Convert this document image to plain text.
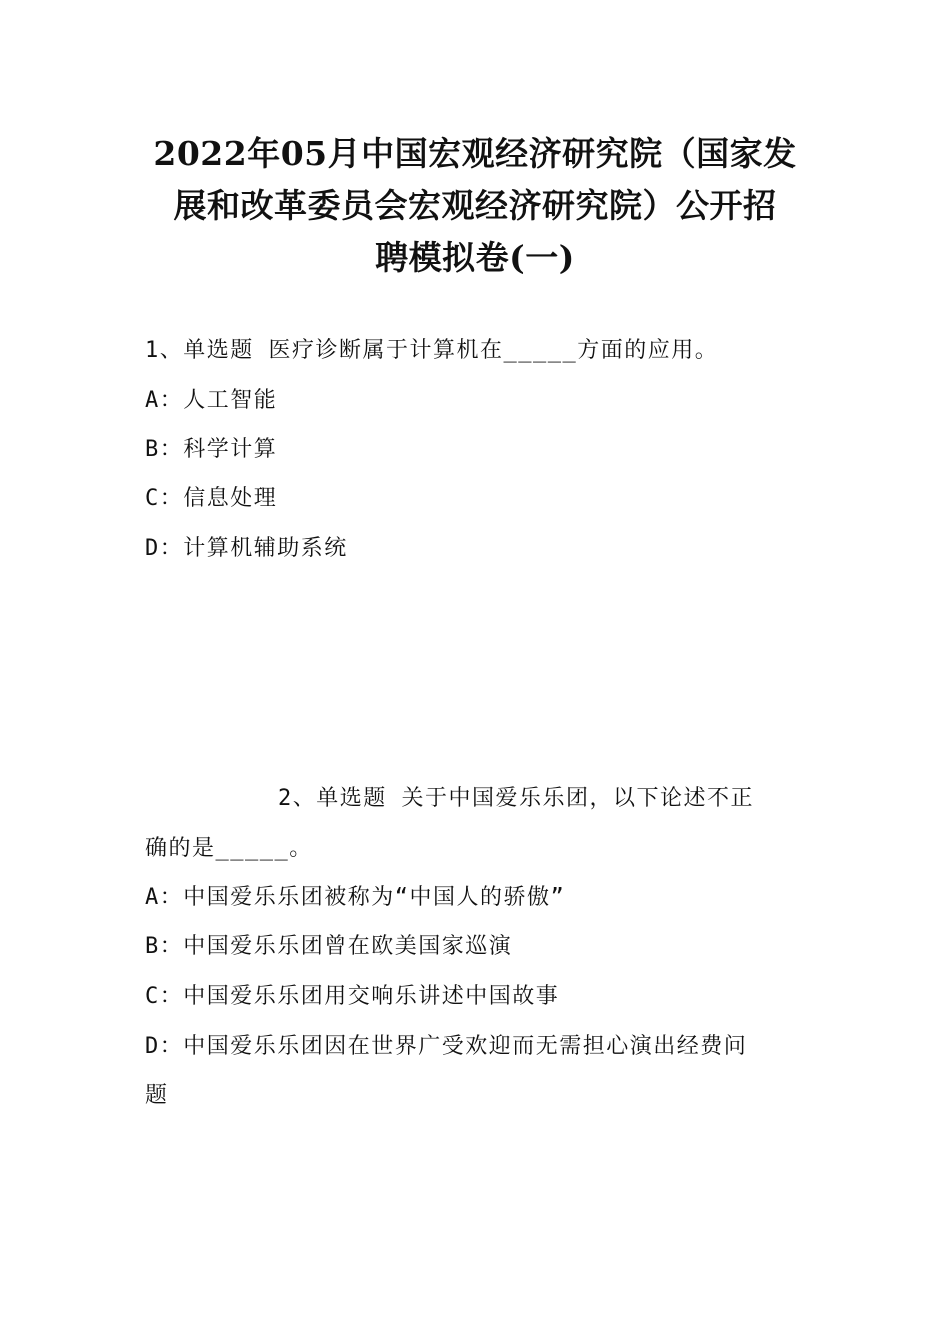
2022年05月中国宏观经济研究院（国家发
展和改革委员会宏观经济研究院）公开招
聘模拟卷(一)

1、单选题 医疗诊断属于计算机在_____方面的应用。

A：人工智能

B：科学计算

C：信息处理

D：计算机辅助系统

2、单选题 关于中国爱乐乐团，以下论述不正

确的是_____。

A：中国爱乐乐团被称为“中国人的骄傲”

B：中国爱乐乐团曾在欧美国家巡演

C：中国爱乐乐团用交响乐讲述中国故事

D：中国爱乐乐团因在世界广受欢迎而无需担心演出经费问

题
